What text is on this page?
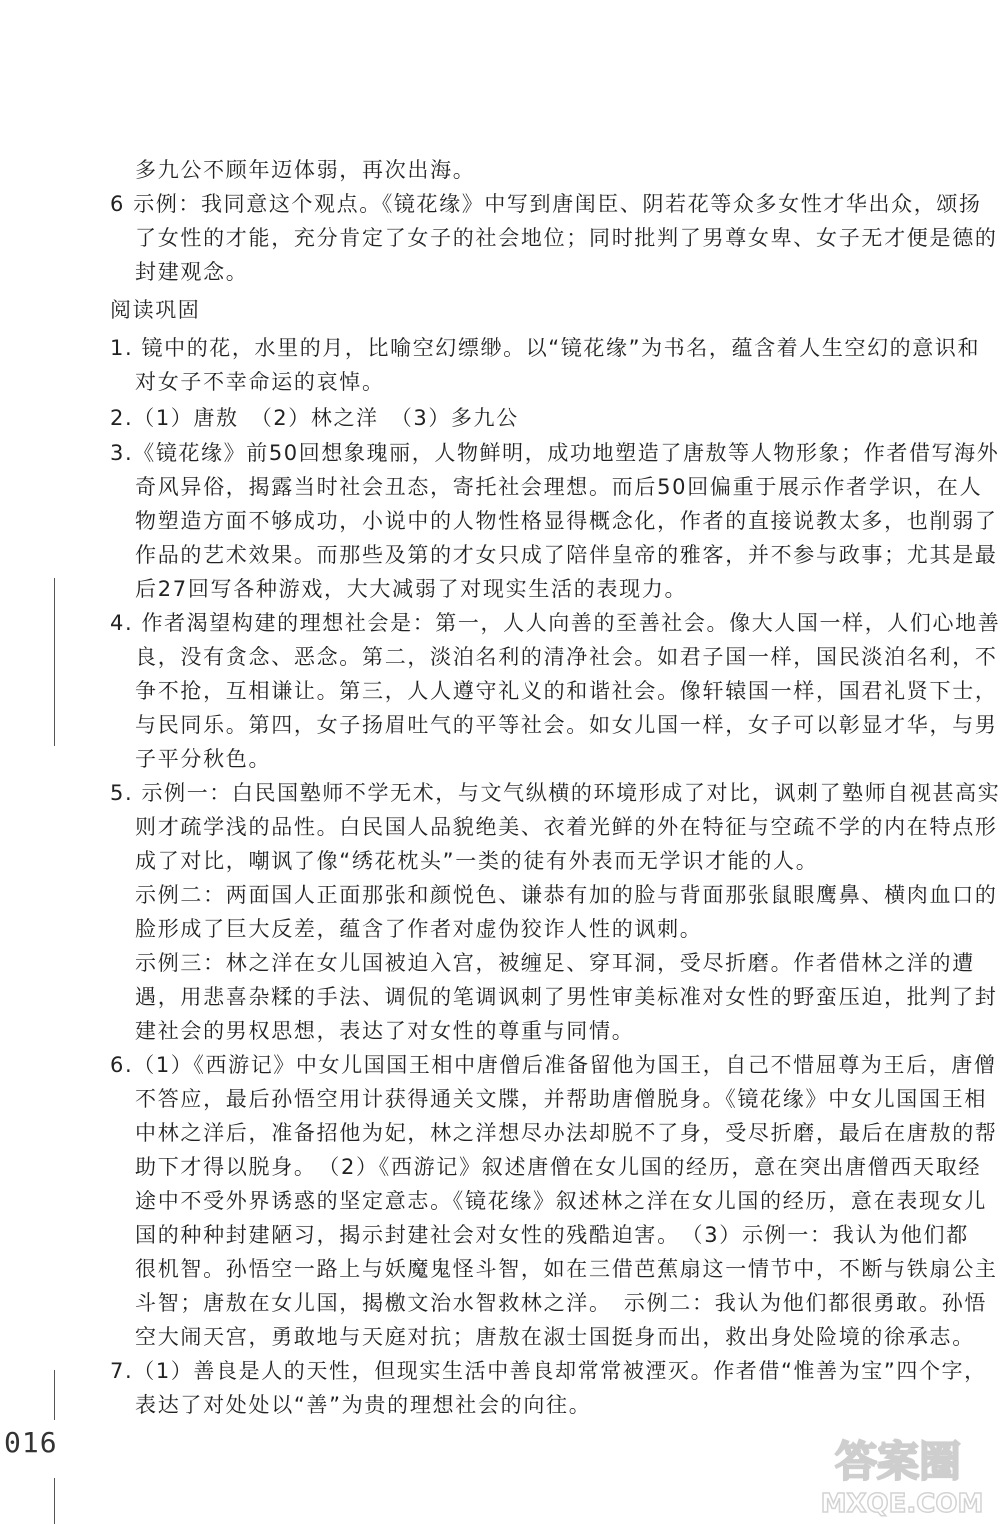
多九公不顾年迈体弱，再次出海。
6 示例：我同意这个观点。《镜花缘》中写到唐闺臣、阴若花等众多女性才华出众，颂扬
了女性的才能，充分肯定了女子的社会地位；同时批判了男尊女卑、女子无才便是德的
封建观念。
阅读巩固
1. 镜中的花，水里的月，比喻空幻缥缈。以“镜花缘”为书名，蕴含着人生空幻的意识和
对女子不幸命运的哀悼。
2.（1）唐敖　（2）林之洋　（3）多九公
3.《镜花缘》前50回想象瑰丽，人物鲜明，成功地塑造了唐敖等人物形象；作者借写海外
奇风异俗，揭露当时社会丑态，寄托社会理想。而后50回偏重于展示作者学识，在人
物塑造方面不够成功，小说中的人物性格显得概念化，作者的直接说教太多，也削弱了
作品的艺术效果。而那些及第的才女只成了陪伴皇帝的雅客，并不参与政事；尤其是最
后27回写各种游戏，大大减弱了对现实生活的表现力。
4. 作者渴望构建的理想社会是：第一，人人向善的至善社会。像大人国一样，人们心地善
良，没有贪念、恶念。第二，淡泊名利的清净社会。如君子国一样，国民淡泊名利，不
争不抢，互相谦让。第三，人人遵守礼义的和谐社会。像轩辕国一样，国君礼贤下士，
与民同乐。第四，女子扬眉吐气的平等社会。如女儿国一样，女子可以彰显才华，与男
子平分秋色。
5. 示例一：白民国塾师不学无术，与文气纵横的环境形成了对比，讽刺了塾师自视甚高实
则才疏学浅的品性。白民国人品貌绝美、衣着光鲜的外在特征与空疏不学的内在特点形
成了对比，嘲讽了像“绣花枕头”一类的徒有外表而无学识才能的人。
示例二：两面国人正面那张和颜悦色、谦恭有加的脸与背面那张鼠眼鹰鼻、横肉血口的
脸形成了巨大反差，蕴含了作者对虚伪狡诈人性的讽刺。
示例三：林之洋在女儿国被迫入宫，被缠足、穿耳洞，受尽折磨。作者借林之洋的遭
遇，用悲喜杂糅的手法、调侃的笔调讽刺了男性审美标准对女性的野蛮压迫，批判了封
建社会的男权思想，表达了对女性的尊重与同情。
6.（1）《西游记》中女儿国国王相中唐僧后准备留他为国王，自己不惜屈尊为王后，唐僧
不答应，最后孙悟空用计获得通关文牒，并帮助唐僧脱身。《镜花缘》中女儿国国王相
中林之洋后，准备招他为妃，林之洋想尽办法却脱不了身，受尽折磨，最后在唐敖的帮
助下才得以脱身。　（2）《西游记》叙述唐僧在女儿国的经历，意在突出唐僧西天取经
途中不受外界诱惑的坚定意志。《镜花缘》叙述林之洋在女儿国的经历，意在表现女儿
国的种种封建陋习，揭示封建社会对女性的残酷迫害。　（3）示例一：我认为他们都
很机智。孙悟空一路上与妖魔鬼怪斗智，如在三借芭蕉扇这一情节中，不断与铁扇公主
斗智；唐敖在女儿国，揭檄文治水智救林之洋。　示例二：我认为他们都很勇敢。孙悟
空大闹天宫，勇敢地与天庭对抗；唐敖在淑士国挺身而出，救出身处险境的徐承志。
7.（1）善良是人的天性，但现实生活中善良却常常被湮灭。作者借“惟善为宝”四个字，
表达了对处处以“善”为贵的理想社会的向往。
016	答案圈
MXQE.COM
